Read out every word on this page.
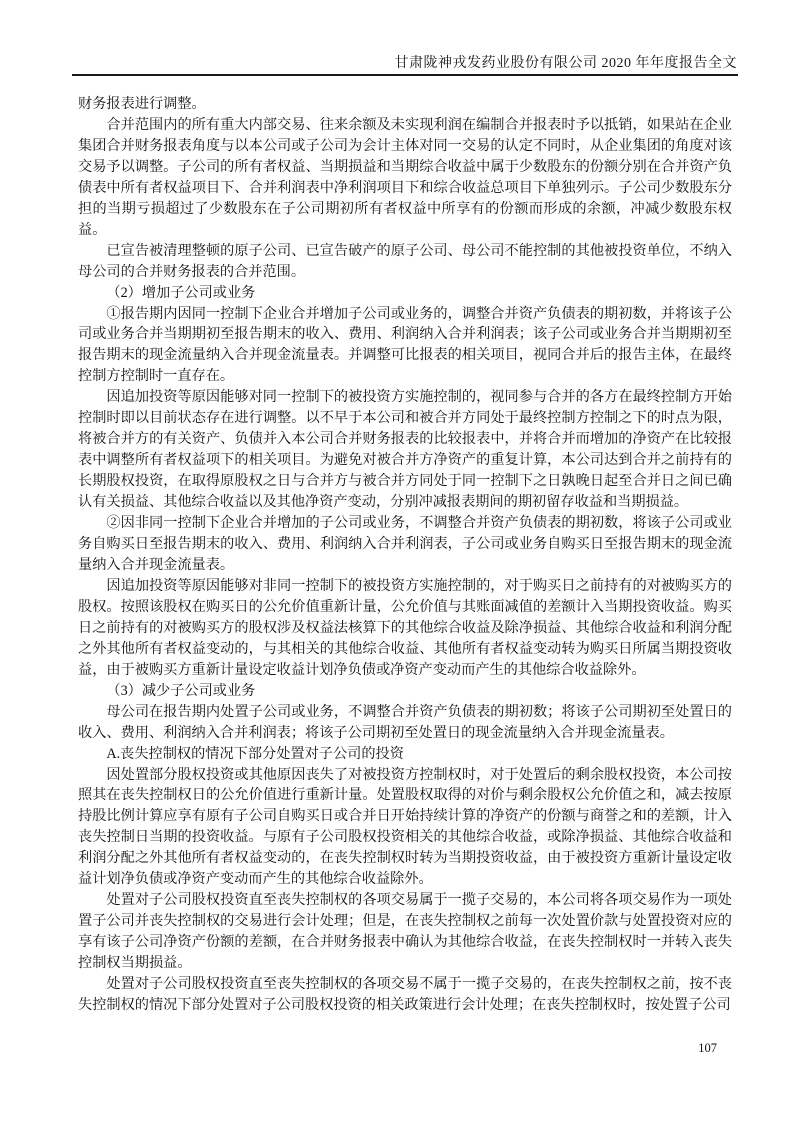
甘肃陇神戎发药业股份有限公司 2020 年年度报告全文

财务报表进行调整。

合并范围内的所有重大内部交易、往来余额及未实现利润在编制合并报表时予以抵销，如果站在企业集团合并财务报表角度与以本公司或子公司为会计主体对同一交易的认定不同时，从企业集团的角度对该交易予以调整。子公司的所有者权益、当期损益和当期综合收益中属于少数股东的份额分别在合并资产负债表中所有者权益项目下、合并利润表中净利润项目下和综合收益总项目下单独列示。子公司少数股东分担的当期亏损超过了少数股东在子公司期初所有者权益中所享有的份额而形成的余额，冲减少数股东权益。

已宣告被清理整顿的原子公司、已宣告破产的原子公司、母公司不能控制的其他被投资单位，不纳入母公司的合并财务报表的合并范围。

（2）增加子公司或业务

①报告期内因同一控制下企业合并增加子公司或业务的，调整合并资产负债表的期初数，并将该子公司或业务合并当期期初至报告期末的收入、费用、利润纳入合并利润表；该子公司或业务合并当期期初至报告期末的现金流量纳入合并现金流量表。并调整可比报表的相关项目，视同合并后的报告主体，在最终控制方控制时一直存在。

因追加投资等原因能够对同一控制下的被投资方实施控制的，视同参与合并的各方在最终控制方开始控制时即以目前状态存在进行调整。以不早于本公司和被合并方同处于最终控制方控制之下的时点为限，将被合并方的有关资产、负债并入本公司合并财务报表的比较报表中，并将合并而增加的净资产在比较报表中调整所有者权益项下的相关项目。为避免对被合并方净资产的重复计算，本公司达到合并之前持有的长期股权投资，在取得原股权之日与合并方与被合并方同处于同一控制下之日孰晚日起至合并日之间已确认有关损益、其他综合收益以及其他净资产变动，分别冲减报表期间的期初留存收益和当期损益。

②因非同一控制下企业合并增加的子公司或业务，不调整合并资产负债表的期初数，将该子公司或业务自购买日至报告期末的收入、费用、利润纳入合并利润表，子公司或业务自购买日至报告期末的现金流量纳入合并现金流量表。

因追加投资等原因能够对非同一控制下的被投资方实施控制的，对于购买日之前持有的对被购买方的股权。按照该股权在购买日的公允价值重新计量，公允价值与其账面减值的差额计入当期投资收益。购买日之前持有的对被购买方的股权涉及权益法核算下的其他综合收益及除净损益、其他综合收益和利润分配之外其他所有者权益变动的，与其相关的其他综合收益、其他所有者权益变动转为购买日所属当期投资收益，由于被购买方重新计量设定收益计划净负债或净资产变动而产生的其他综合收益除外。

（3）减少子公司或业务

母公司在报告期内处置子公司或业务，不调整合并资产负债表的期初数；将该子公司期初至处置日的收入、费用、利润纳入合并利润表；将该子公司期初至处置日的现金流量纳入合并现金流量表。

A.丧失控制权的情况下部分处置对子公司的投资

因处置部分股权投资或其他原因丧失了对被投资方控制权时，对于处置后的剩余股权投资，本公司按照其在丧失控制权日的公允价值进行重新计量。处置股权取得的对价与剩余股权公允价值之和，减去按原持股比例计算应享有原有子公司自购买日或合并日开始持续计算的净资产的份额与商誉之和的差额，计入丧失控制日当期的投资收益。与原有子公司股权投资相关的其他综合收益，或除净损益、其他综合收益和利润分配之外其他所有者权益变动的，在丧失控制权时转为当期投资收益，由于被投资方重新计量设定收益计划净负债或净资产变动而产生的其他综合收益除外。

处置对子公司股权投资直至丧失控制权的各项交易属于一揽子交易的，本公司将各项交易作为一项处置子公司并丧失控制权的交易进行会计处理；但是，在丧失控制权之前每一次处置价款与处置投资对应的享有该子公司净资产份额的差额，在合并财务报表中确认为其他综合收益，在丧失控制权时一并转入丧失控制权当期损益。

处置对子公司股权投资直至丧失控制权的各项交易不属于一揽子交易的，在丧失控制权之前，按不丧失控制权的情况下部分处置对子公司股权投资的相关政策进行会计处理；在丧失控制权时，按处置子公司

107
